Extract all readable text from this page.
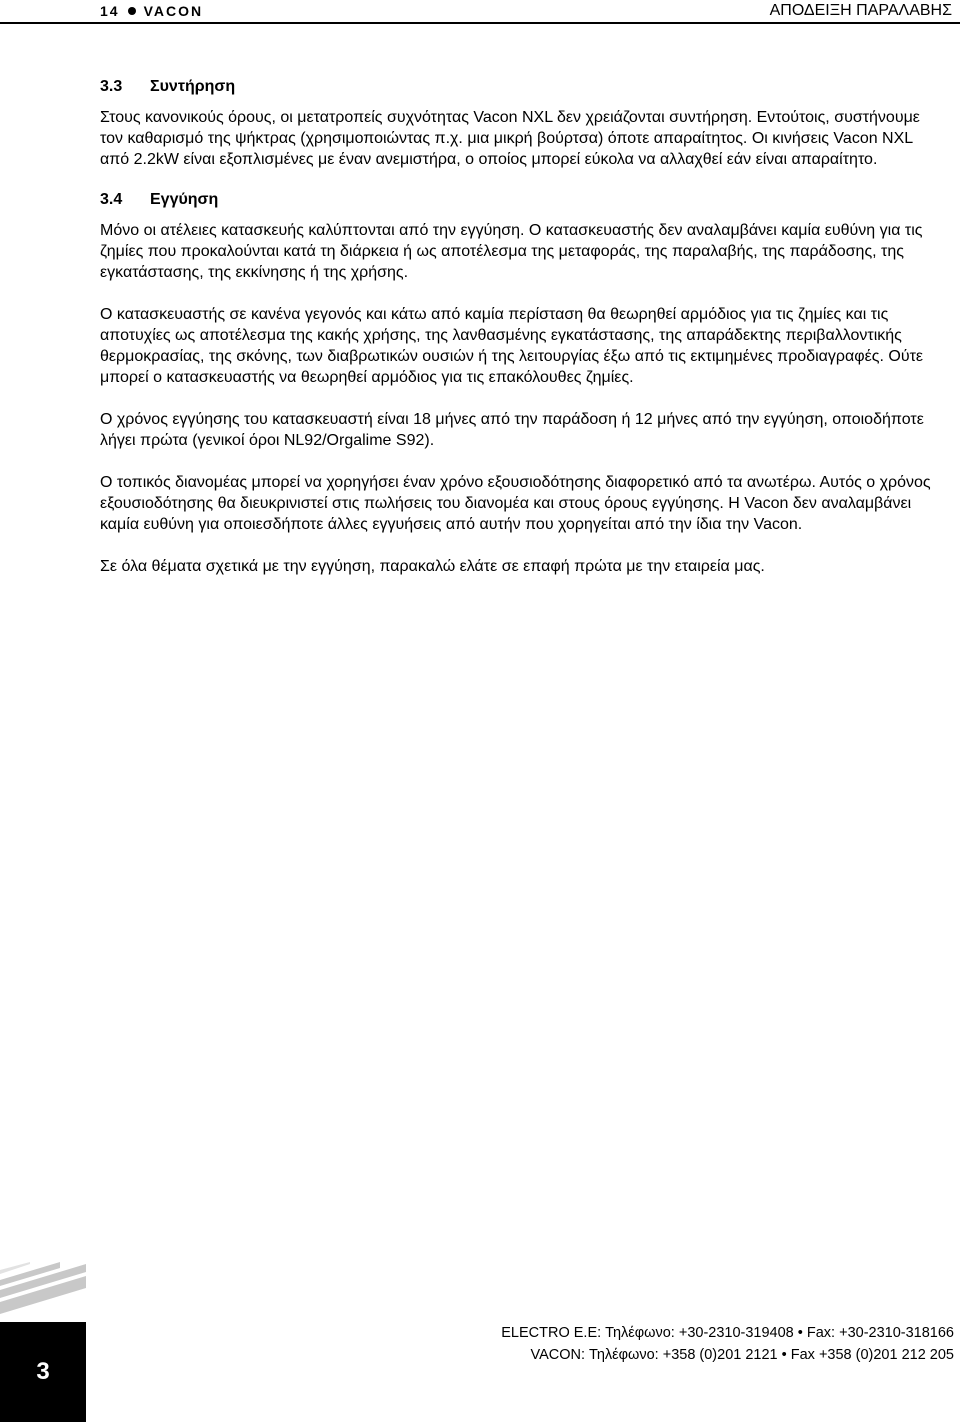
14 VACON	ΑΠΟΔΕΙΞΗ ΠΑΡΑΛΑΒΗΣ
3.3 Συντήρηση

Στους κανονικούς όρους, οι μετατροπείς συχνότητας Vacon NXL δεν χρειάζονται συντήρηση. Εντούτοις, συστήνουμε τον καθαρισμό της ψήκτρας (χρησιμοποιώντας π.χ. μια μικρή βούρτσα) όποτε απαραίτητος. Οι κινήσεις Vacon NXL από 2.2kW είναι εξοπλισμένες με έναν ανεμιστήρα, ο οποίος μπορεί εύκολα να αλλαχθεί εάν είναι απαραίτητο.

3.4 Εγγύηση

Μόνο οι ατέλειες κατασκευής καλύπτονται από την εγγύηση. Ο κατασκευαστής δεν αναλαμβάνει καμία ευθύνη για τις ζημίες που προκαλούνται κατά τη διάρκεια ή ως αποτέλεσμα της μεταφοράς, της παραλαβής, της παράδοσης, της εγκατάστασης, της εκκίνησης ή της χρήσης.

Ο κατασκευαστής σε κανένα γεγονός και κάτω από καμία περίσταση θα θεωρηθεί αρμόδιος για τις ζημίες και τις αποτυχίες ως αποτέλεσμα της κακής χρήσης, της λανθασμένης εγκατάστασης, της απαράδεκτης περιβαλλοντικής θερμοκρασίας, της σκόνης, των διαβρωτικών ουσιών ή της λειτουργίας έξω από τις εκτιμημένες προδιαγραφές. Ούτε μπορεί ο κατασκευαστής να θεωρηθεί αρμόδιος για τις επακόλουθες ζημίες.

Ο χρόνος εγγύησης του κατασκευαστή είναι 18 μήνες από την παράδοση ή 12 μήνες από την εγγύηση, οποιοδήποτε λήγει πρώτα (γενικοί όροι NL92/Orgalime S92).

Ο τοπικός διανομέας μπορεί να χορηγήσει έναν χρόνο εξουσιοδότησης διαφορετικό από τα ανωτέρω. Αυτός ο χρόνος εξουσιοδότησης θα διευκρινιστεί στις πωλήσεις του διανομέα και στους όρους εγγύησης. Η Vacon δεν αναλαμβάνει καμία ευθύνη για οποιεσδήποτε άλλες εγγυήσεις από αυτήν που χορηγείται από την ίδια την Vacon.

Σε όλα θέματα σχετικά με την εγγύηση, παρακαλώ ελάτε σε επαφή πρώτα με την εταιρεία μας.

3
ELECTRO E.E: Τηλέφωνο: +30-2310-319408 • Fax: +30-2310-318166
VACON: Τηλέφωνο: +358 (0)201 2121 • Fax +358 (0)201 212 205
